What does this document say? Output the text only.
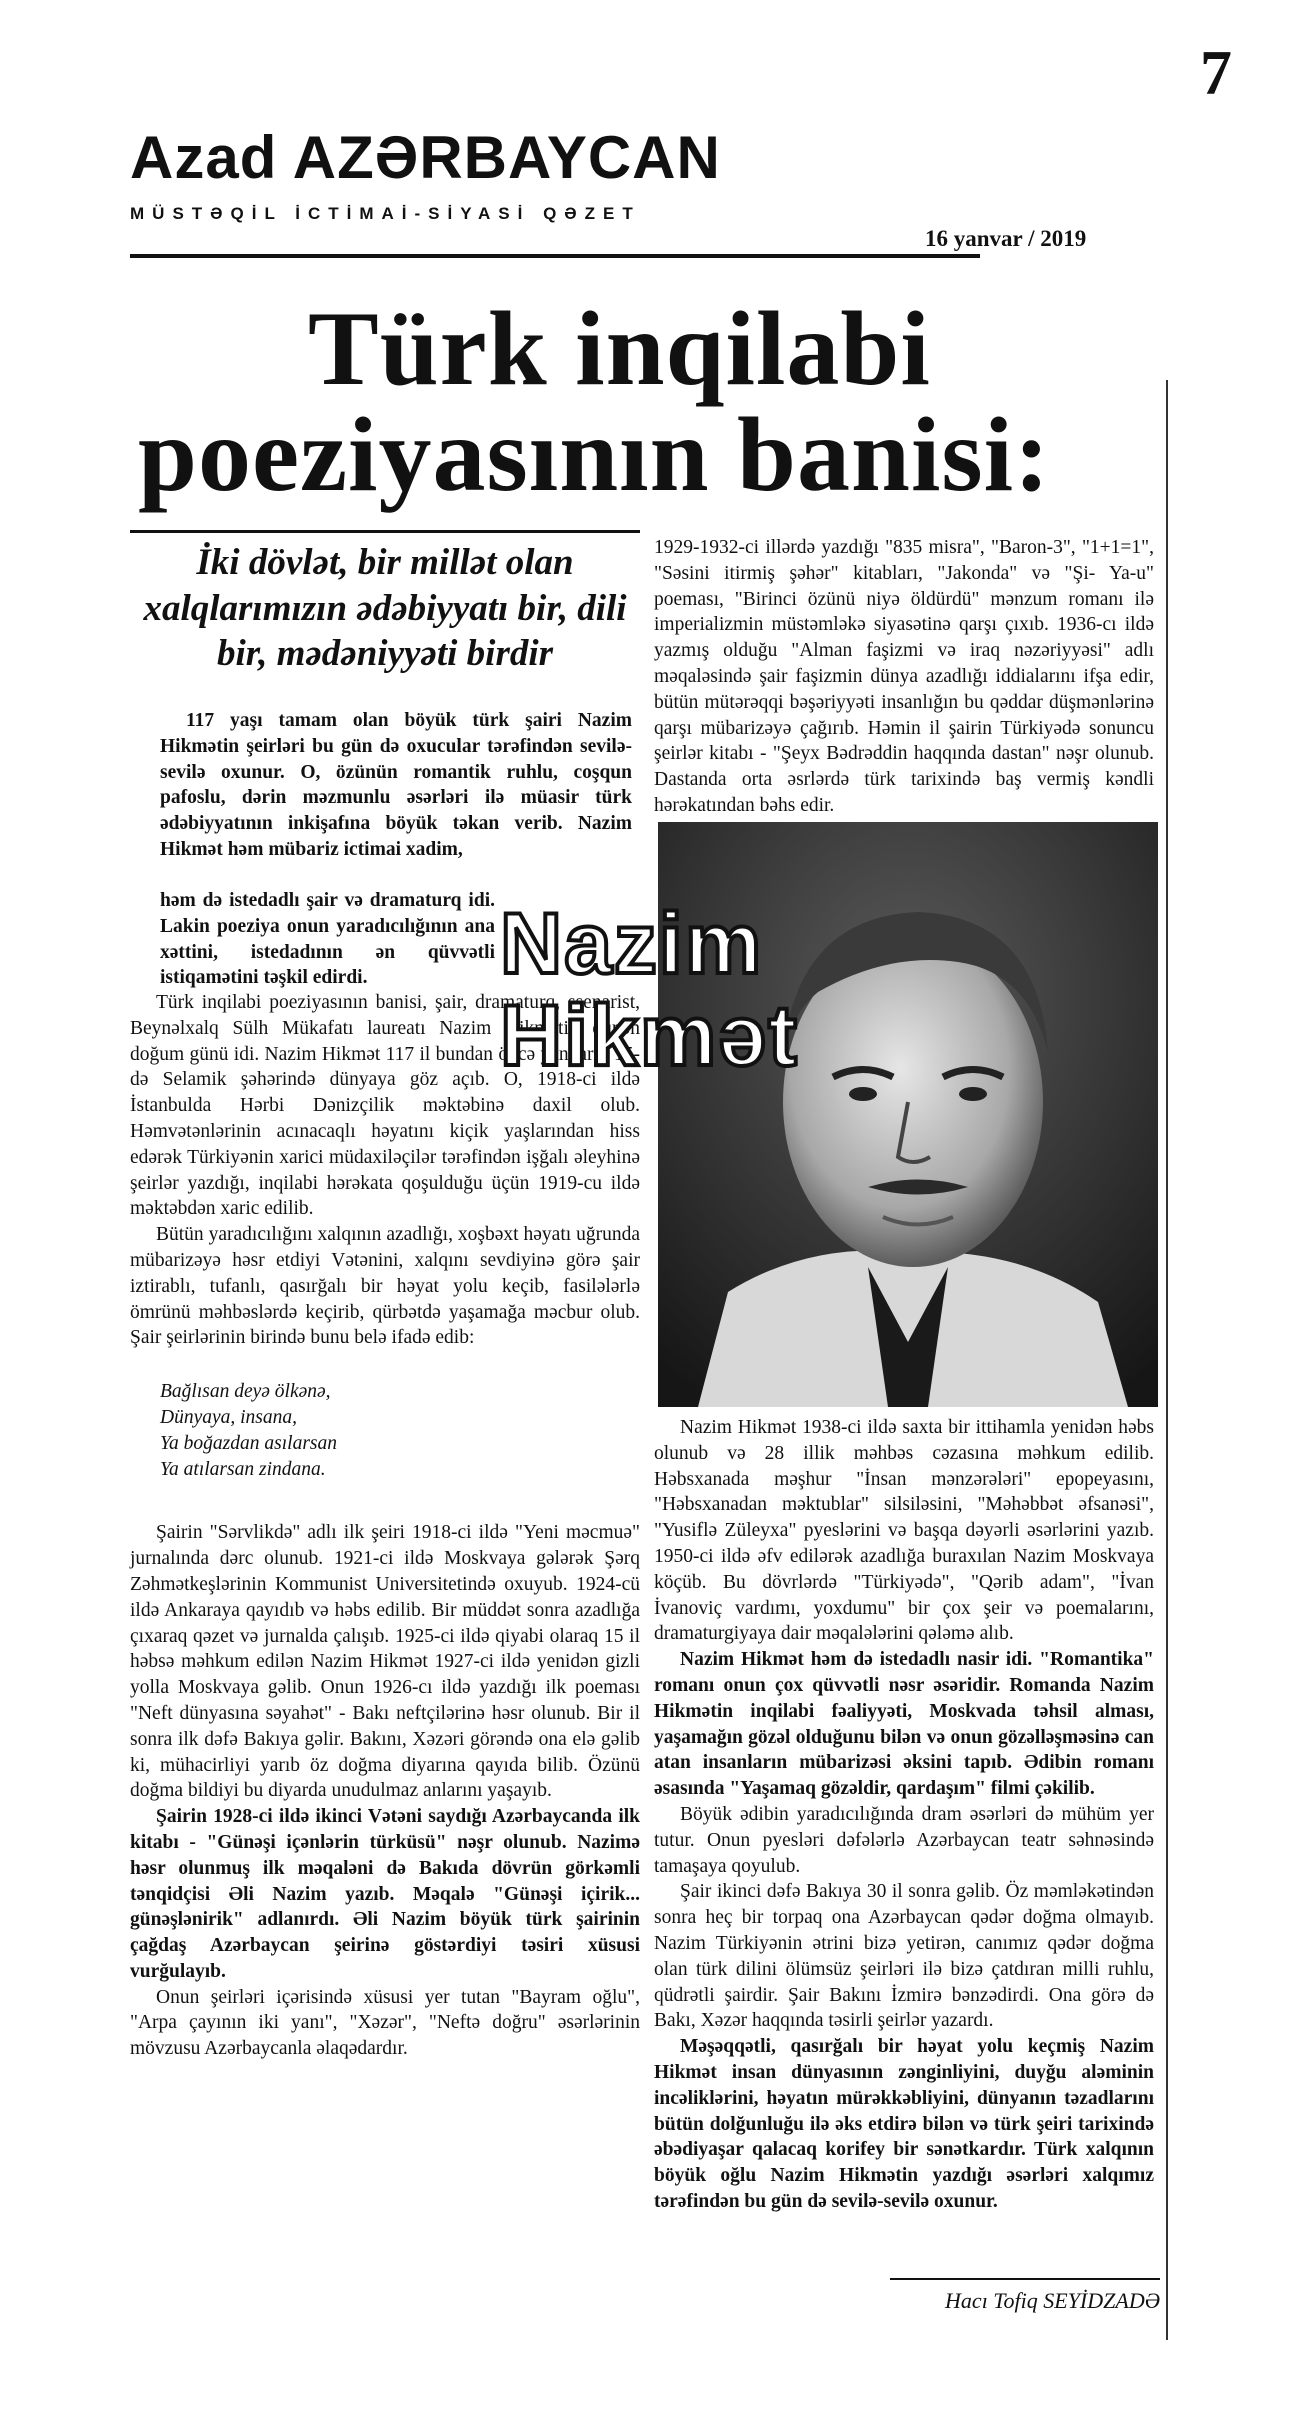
7
Azad AZƏRBAYCAN
MÜSTƏQİL İCTİMAİ-SİYASİ QƏZET
16 yanvar / 2019
Türk inqilabi
poeziyasının banisi:
İki dövlət, bir millət olan xalqlarımızın ədəbiyyatı bir, dili bir, mədəniyyəti birdir

117 yaşı tamam olan böyük türk şairi Nazim Hikmətin şeirləri bu gün də oxucular tərəfindən sevilə-sevilə oxunur. O, özünün romantik ruhlu, coşqun pafoslu, dərin məzmunlu əsərləri ilə müasir türk ədəbiyyatının inkişafına böyük təkan verib. Nazim Hikmət həm mübariz ictimai xadim,

həm də istedadlı şair və dramaturq idi. Lakin poeziya onun yaradıcılığının ana xəttini, istedadının ən qüvvətli istiqamətini təşkil edirdi.

Türk inqilabi poeziyasının banisi, şair, dramaturq, ssenarist, Beynəlxalq Sülh Mükafatı laureatı Nazim Hikmətin dünən doğum günü idi. Nazim Hikmət 117 il bundan öncə yanvarın 15-də Selamik şəhərində dünyaya göz açıb. O, 1918-ci ildə İstanbulda Hərbi Dənizçilik məktəbinə daxil olub. Həmvətənlərinin acınacaqlı həyatını kiçik yaşlarından hiss edərək Türkiyənin xarici müdaxiləçilər tərəfindən işğalı əleyhinə şeirlər yazdığı, inqilabi hərəkata qoşulduğu üçün 1919-cu ildə məktəbdən xaric edilib.

Bütün yaradıcılığını xalqının azadlığı, xoşbəxt həyatı uğrunda mübarizəyə həsr etdiyi Vətənini, xalqını sevdiyinə görə şair iztirablı, tufanlı, qasırğalı bir həyat yolu keçib, fasilələrlə ömrünü məhbəslərdə keçirib, qürbətdə yaşamağa məcbur olub. Şair şeirlərinin birində bunu belə ifadə edib:

Bağlısan deyə ölkənə,
Dünyaya, insana,
Ya boğazdan asılarsan
Ya atılarsan zindana.

Şairin "Sərvlikdə" adlı ilk şeiri 1918-ci ildə "Yeni məcmuə" jurnalında dərc olunub. 1921-ci ildə Moskvaya gələrək Şərq Zəhmətkeşlərinin Kommunist Universitetində oxuyub. 1924-cü ildə Ankaraya qayıdıb və həbs edilib. Bir müddət sonra azadlığa çıxaraq qəzet və jurnalda çalışıb. 1925-ci ildə qiyabi olaraq 15 il həbsə məhkum edilən Nazim Hikmət 1927-ci ildə yenidən gizli yolla Moskvaya gəlib. Onun 1926-cı ildə yazdığı ilk poeması "Neft dünyasına səyahət" - Bakı neftçilərinə həsr olunub. Bir il sonra ilk dəfə Bakıya gəlir. Bakını, Xəzəri görəndə ona elə gəlib ki, mühacirliyi yarıb öz doğma diyarına qayıda bilib. Özünü doğma bildiyi bu diyarda unudulmaz anlarını yaşayıb.

Şairin 1928-ci ildə ikinci Vətəni saydığı Azərbaycanda ilk kitabı - "Günəşi içənlərin türküsü" nəşr olunub. Nazimə həsr olunmuş ilk məqaləni də Bakıda dövrün görkəmli tənqidçisi Əli Nazim yazıb. Məqalə "Günəşi içirik... günəşlənirik" adlanırdı. Əli Nazim böyük türk şairinin çağdaş Azərbaycan şeirinə göstərdiyi təsiri xüsusi vurğulayıb.

Onun şeirləri içərisində xüsusi yer tutan "Bayram oğlu", "Arpa çayının iki yanı", "Xəzər", "Neftə doğru" əsərlərinin mövzusu Azərbaycanla əlaqədardır.

1929-1932-ci illərdə yazdığı "835 misra", "Baron-3", "1+1=1", "Səsini itirmiş şəhər" kitabları, "Jakonda" və "Şi- Ya-u" poeması, "Birinci özünü niyə öldürdü" mənzum romanı ilə imperializmin müstəmləkə siyasətinə qarşı çıxıb. 1936-cı ildə yazmış olduğu "Alman faşizmi və iraq nəzəriyyəsi" adlı məqaləsində şair faşizmin dünya azadlığı iddialarını ifşa edir, bütün mütərəqqi bəşəriyyəti insanlığın bu qəddar düşmənlərinə qarşı mübarizəyə çağırıb. Həmin il şairin Türkiyədə sonuncu şeirlər kitabı - "Şeyx Bədrəddin haqqında dastan" nəşr olunub. Dastanda orta əsrlərdə türk tarixində baş vermiş kəndli hərəkatından bəhs edir.

Nazim
Hikmət

Nazim Hikmət 1938-ci ildə saxta bir ittihamla yenidən həbs olunub və 28 illik məhbəs cəzasına məhkum edilib. Həbsxanada məşhur "İnsan mənzərələri" epopeyasını, "Həbsxanadan məktublar" silsiləsini, "Məhəbbət əfsanəsi", "Yusiflə Züleyxa" pyeslərini və başqa dəyərli əsərlərini yazıb. 1950-ci ildə əfv edilərək azadlığa buraxılan Nazim Moskvaya köçüb. Bu dövrlərdə "Türkiyədə", "Qərib adam", "İvan İvanoviç vardımı, yoxdumu" bir çox şeir və poemalarını, dramaturgiyaya dair məqalələrini qələmə alıb.

Nazim Hikmət həm də istedadlı nasir idi. "Romantika" romanı onun çox qüvvətli nəsr əsəridir. Romanda Nazim Hikmətin inqilabi fəaliyyəti, Moskvada təhsil alması, yaşamağın gözəl olduğunu bilən və onun gözəlləşməsinə can atan insanların mübarizəsi əksini tapıb. Ədibin romanı əsasında "Yaşamaq gözəldir, qardaşım" filmi çəkilib.

Böyük ədibin yaradıcılığında dram əsərləri də mühüm yer tutur. Onun pyesləri dəfələrlə Azərbaycan teatr səhnəsində tamaşaya qoyulub.

Şair ikinci dəfə Bakıya 30 il sonra gəlib. Öz məmləkətindən sonra heç bir torpaq ona Azərbaycan qədər doğma olmayıb. Nazim Türkiyənin ətrini bizə yetirən, canımız qədər doğma olan türk dilini ölümsüz şeirləri ilə bizə çatdıran milli ruhlu, qüdrətli şairdir. Şair Bakını İzmirə bənzədirdi. Ona görə də Bakı, Xəzər haqqında təsirli şeirlər yazardı.

Məşəqqətli, qasırğalı bir həyat yolu keçmiş Nazim Hikmət insan dünyasının zənginliyini, duyğu aləminin incəliklərini, həyatın mürəkkəbliyini, dünyanın təzadlarını bütün dolğunluğu ilə əks etdirə bilən və türk şeiri tarixində əbədiyaşar qalacaq korifey bir sənətkardır. Türk xalqının böyük oğlu Nazim Hikmətin yazdığı əsərləri xalqımız tərəfindən bu gün də sevilə-sevilə oxunur.

Hacı Tofiq SEYİDZADƏ
